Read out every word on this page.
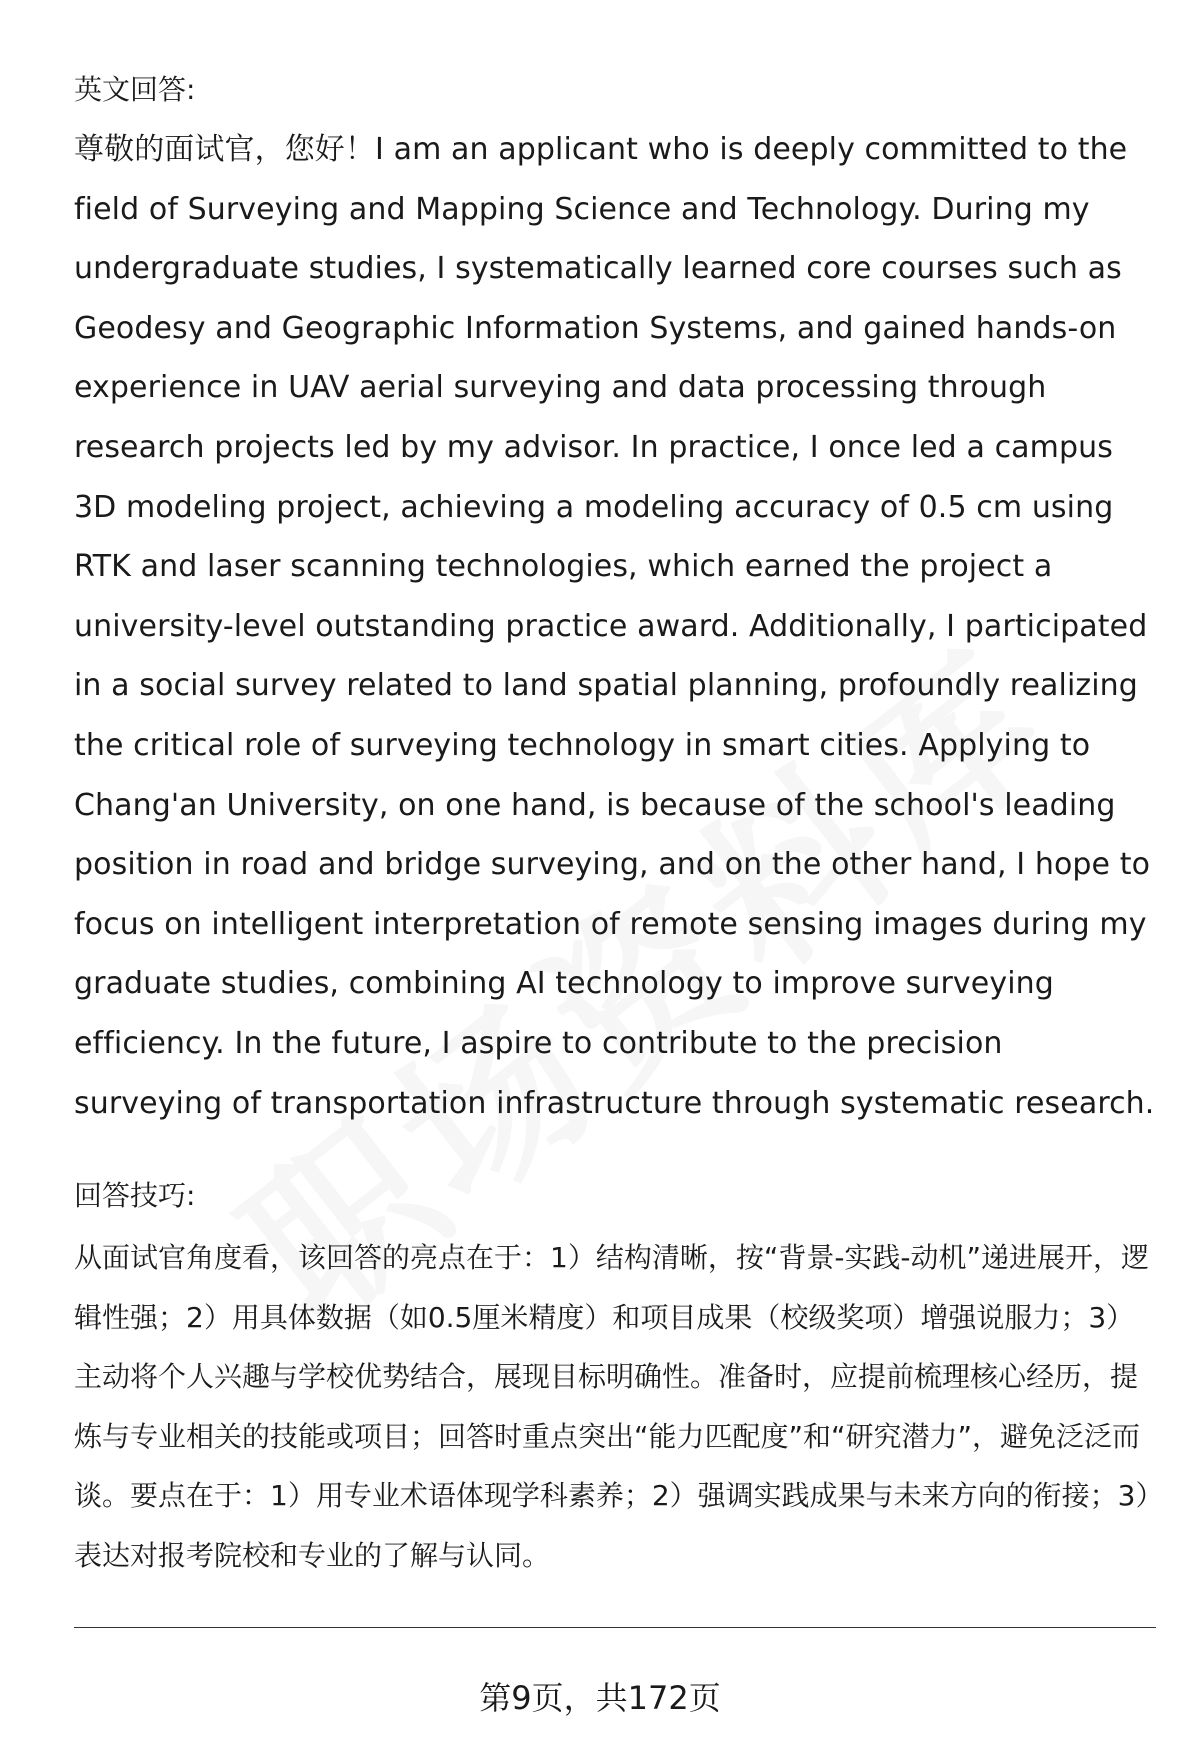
英文回答:
尊敬的面试官，您好！I am an applicant who is deeply committed to the field of Surveying and Mapping Science and Technology. During my undergraduate studies, I systematically learned core courses such as Geodesy and Geographic Information Systems, and gained hands-on experience in UAV aerial surveying and data processing through research projects led by my advisor. In practice, I once led a campus 3D modeling project, achieving a modeling accuracy of 0.5 cm using RTK and laser scanning technologies, which earned the project a university-level outstanding practice award. Additionally, I participated in a social survey related to land spatial planning, profoundly realizing the critical role of surveying technology in smart cities. Applying to Chang'an University, on one hand, is because of the school's leading position in road and bridge surveying, and on the other hand, I hope to focus on intelligent interpretation of remote sensing images during my graduate studies, combining AI technology to improve surveying efficiency. In the future, I aspire to contribute to the precision surveying of transportation infrastructure through systematic research.
回答技巧:
从面试官角度看，该回答的亮点在于：1）结构清晰，按“背景-实践-动机”递进展开，逻辑性强；2）用具体数据（如0.5厘米精度）和项目成果（校级奖项）增强说服力；3）主动将个人兴趣与学校优势结合，展现目标明确性。准备时，应提前梳理核心经历，提炼与专业相关的技能或项目；回答时重点突出“能力匹配度”和“研究潜力”，避免泛泛而谈。要点在于：1）用专业术语体现学科素养；2）强调实践成果与未来方向的衔接；3）表达对报考院校和专业的了解与认同。
第9页，共172页
